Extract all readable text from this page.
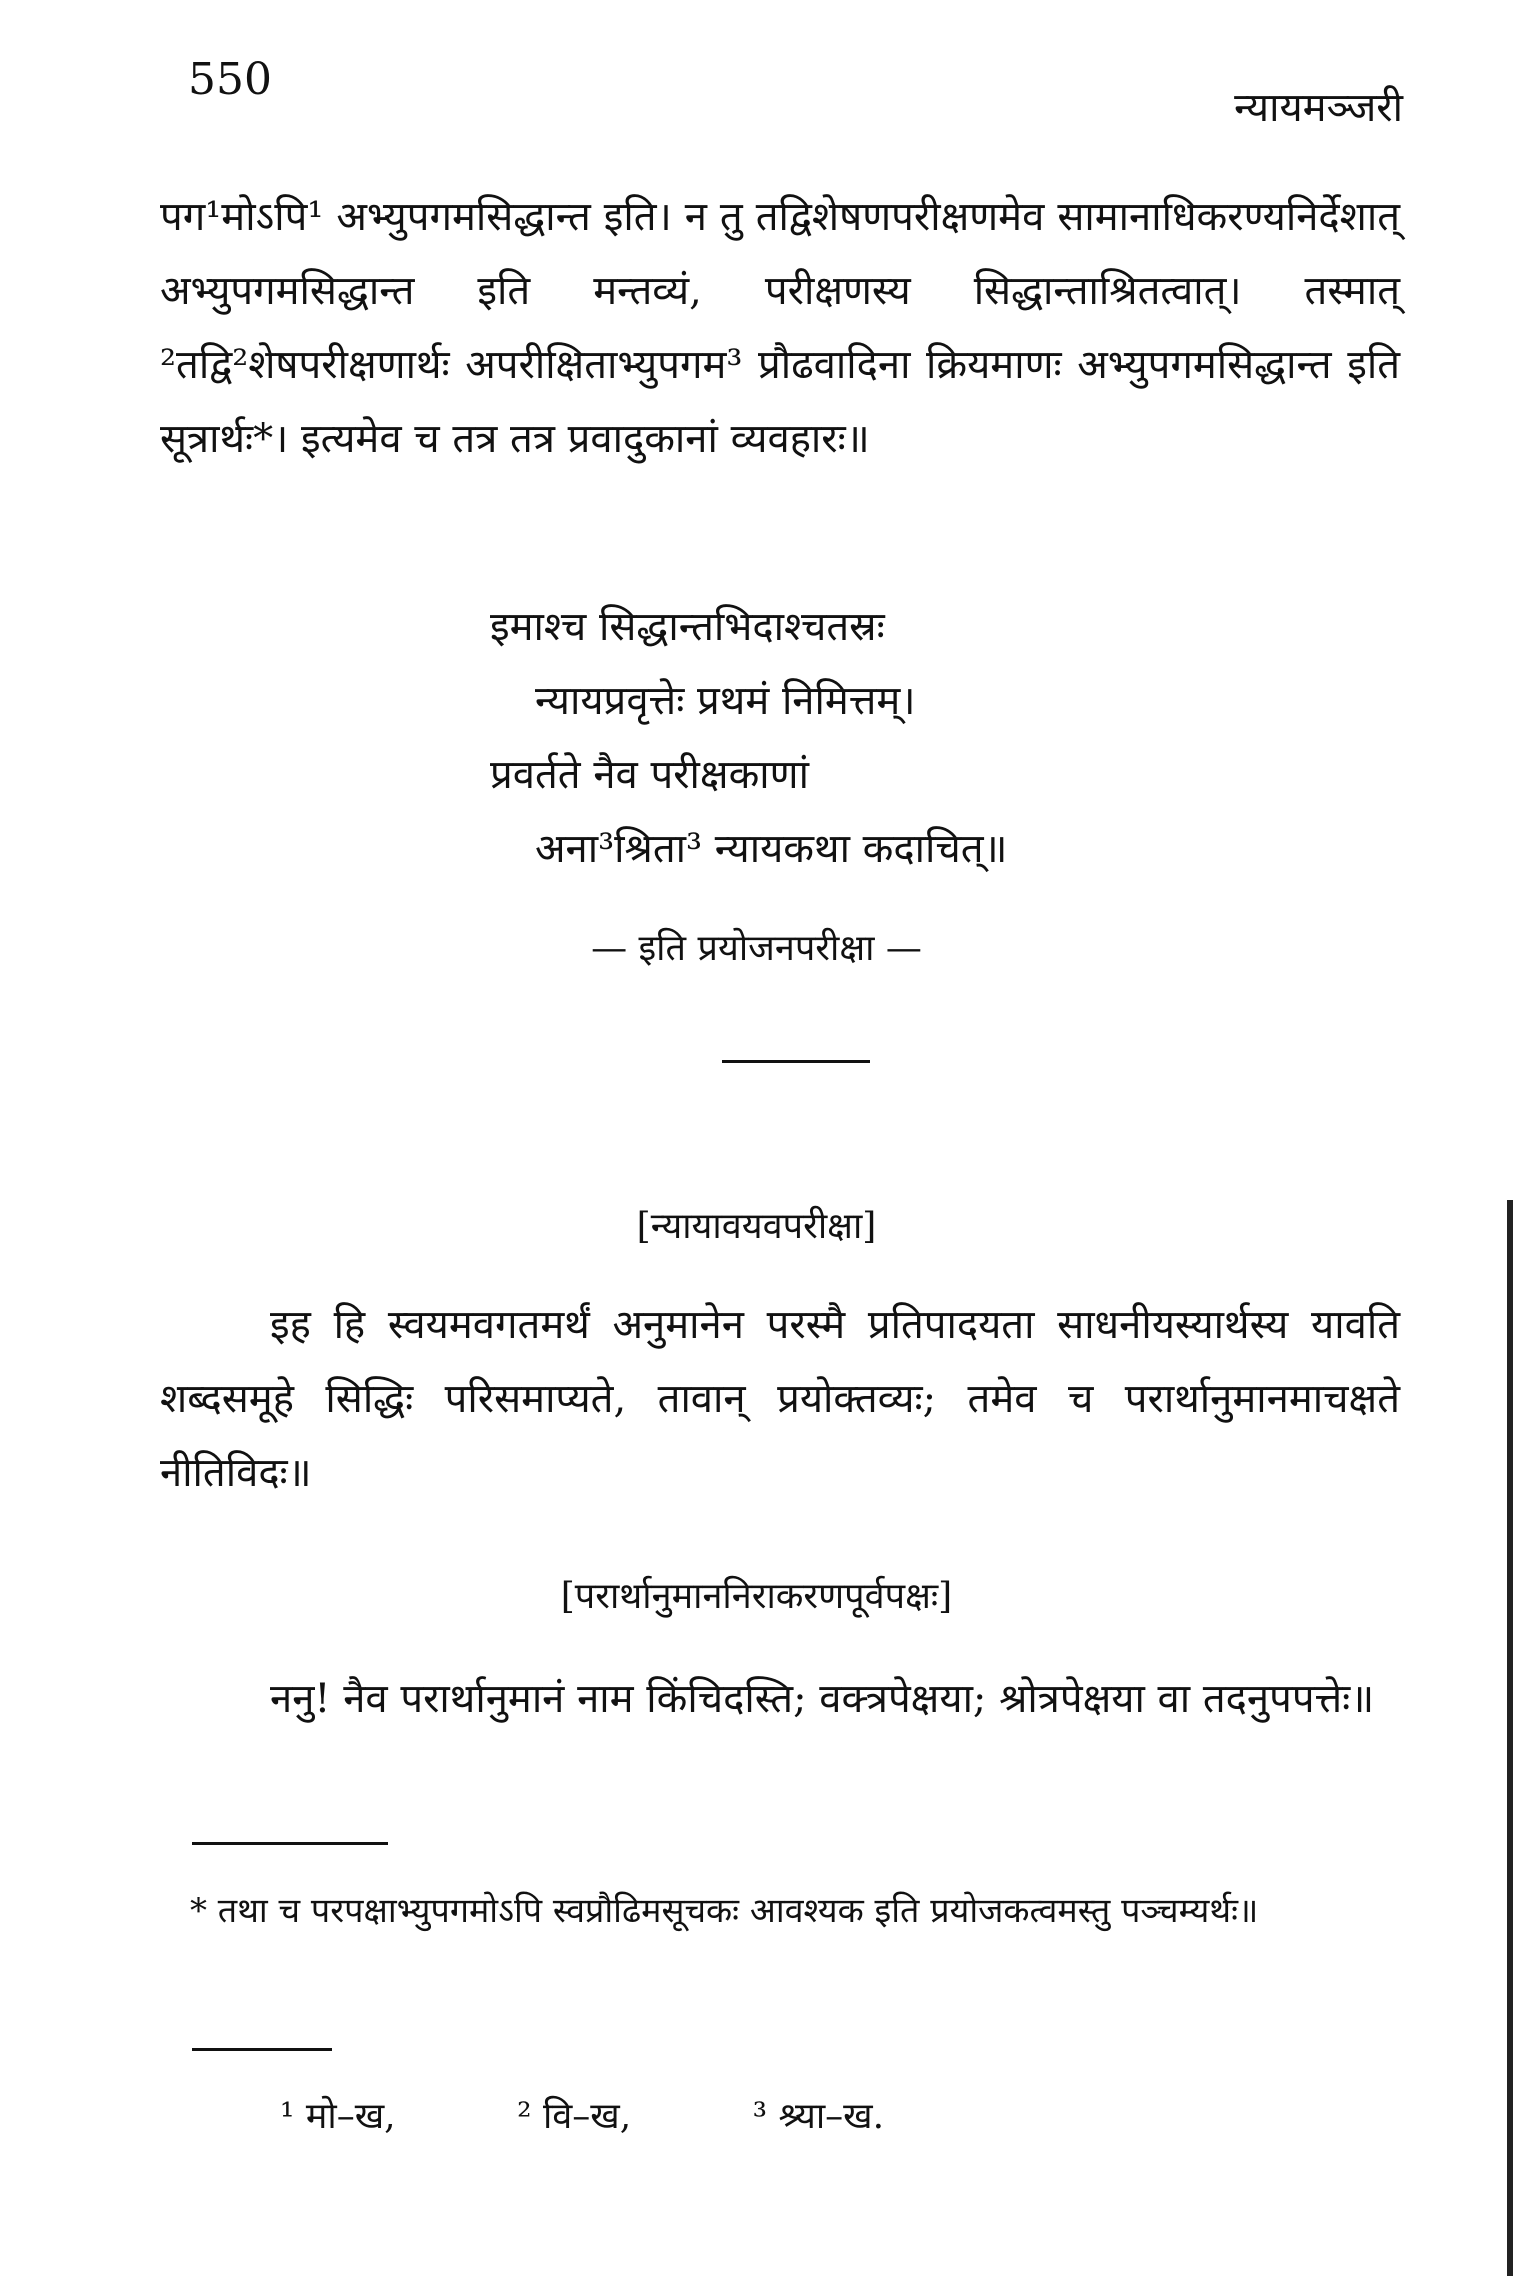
550
न्यायमञ्जरी

पग¹मोऽपि¹ अभ्युपगमसिद्धान्त इति। न तु तद्विशेषणपरीक्षणमेव सामानाधिकरण्यनिर्देशात् अभ्युपगमसिद्धान्त इति मन्तव्यं, परीक्षणस्य सिद्धान्ताश्रितत्वात्। तस्मात् ²तद्वि²शेषपरीक्षणार्थः अपरीक्षिताभ्युपगम³ प्रौढवादिना क्रियमाणः अभ्युपगमसिद्धान्त इति सूत्रार्थः*। इत्यमेव च तत्र तत्र प्रवादुकानां व्यवहारः॥

इमाश्च सिद्धान्तभिदाश्चतस्रः
न्यायप्रवृत्तेः प्रथमं निमित्तम्।
प्रवर्तते नैव परीक्षकाणां
अना³श्रिता³ न्यायकथा कदाचित्॥
— इति प्रयोजनपरीक्षा —
[न्यायावयवपरीक्षा]

इह हि स्वयमवगतमर्थं अनुमानेन परस्मै प्रतिपादयता साधनीयस्यार्थस्य यावति शब्दसमूहे सिद्धिः परिसमाप्यते, तावान् प्रयोक्तव्यः; तमेव च परार्थानुमानमाचक्षते नीतिविदः॥

[परार्थानुमाननिराकरणपूर्वपक्षः]

ननु! नैव परार्थानुमानं नाम किंचिदस्ति; वक्त्रपेक्षया; श्रोत्रपेक्षया वा तदनुपपत्तेः॥

* तथा च परपक्षाभ्युपगमोऽपि स्वप्रौढिमसूचकः आवश्यक इति प्रयोजकत्वमस्तु पञ्चम्यर्थः॥
¹ मो–ख,	² वि–ख,	³ श्र्या–ख.
